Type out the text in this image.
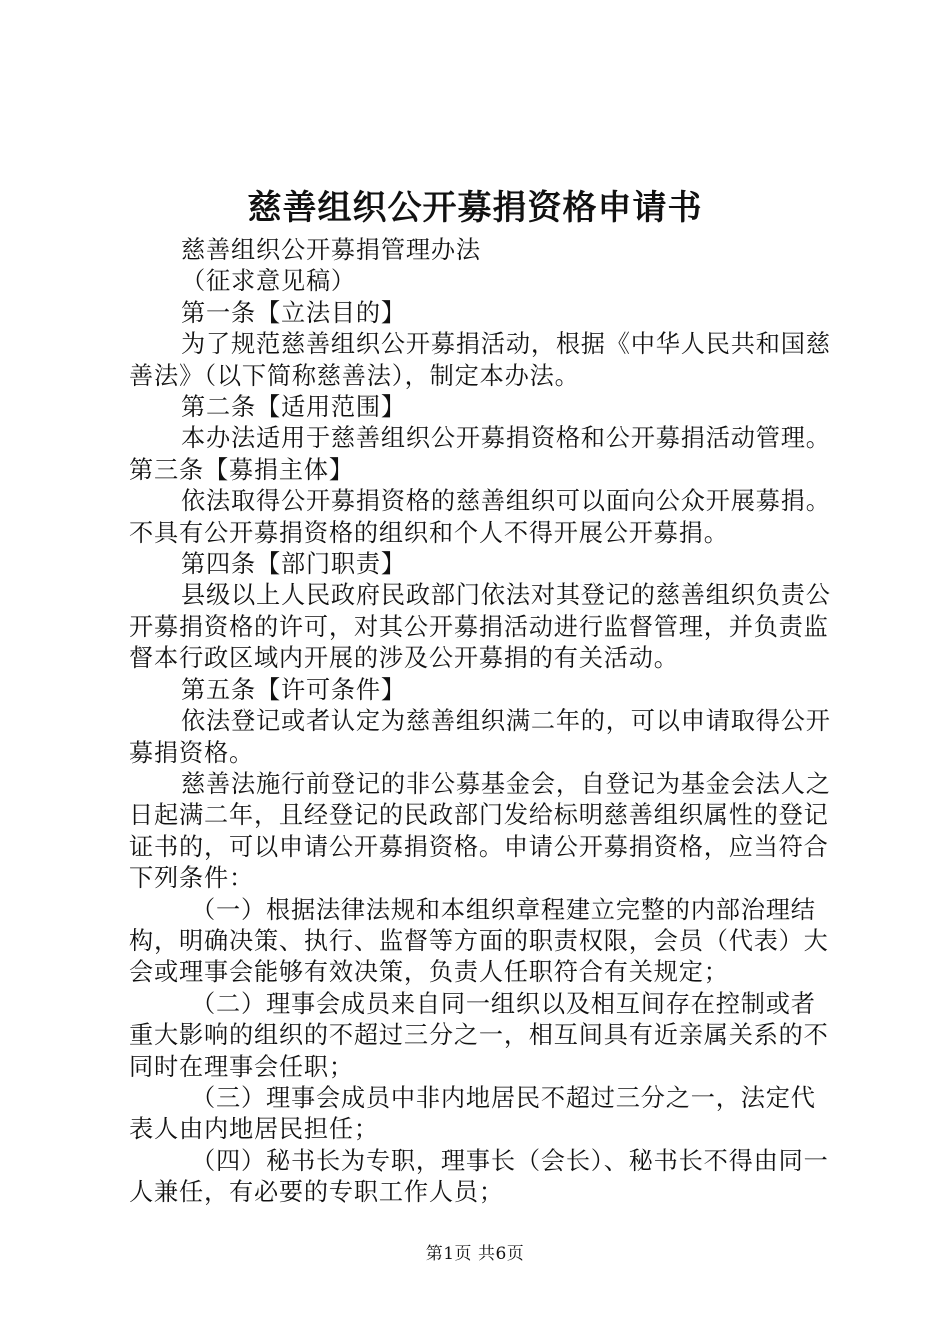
慈善组织公开募捐资格申请书

慈善组织公开募捐管理办法

（征求意见稿）

第一条【立法目的】

为了规范慈善组织公开募捐活动，根据《中华人民共和国慈善法》（以下简称慈善法），制定本办法。

第二条【适用范围】

本办法适用于慈善组织公开募捐资格和公开募捐活动管理。第三条【募捐主体】

依法取得公开募捐资格的慈善组织可以面向公众开展募捐。不具有公开募捐资格的组织和个人不得开展公开募捐。

第四条【部门职责】

县级以上人民政府民政部门依法对其登记的慈善组织负责公开募捐资格的许可，对其公开募捐活动进行监督管理，并负责监督本行政区域内开展的涉及公开募捐的有关活动。

第五条【许可条件】

依法登记或者认定为慈善组织满二年的，可以申请取得公开募捐资格。

慈善法施行前登记的非公募基金会，自登记为基金会法人之日起满二年，且经登记的民政部门发给标明慈善组织属性的登记证书的，可以申请公开募捐资格。申请公开募捐资格，应当符合下列条件：

（一）根据法律法规和本组织章程建立完整的内部治理结构，明确决策、执行、监督等方面的职责权限，会员（代表）大会或理事会能够有效决策，负责人任职符合有关规定；

（二）理事会成员来自同一组织以及相互间存在控制或者重大影响的组织的不超过三分之一，相互间具有近亲属关系的不同时在理事会任职；

（三）理事会成员中非内地居民不超过三分之一，法定代表人由内地居民担任；

（四）秘书长为专职，理事长（会长）、秘书长不得由同一人兼任，有必要的专职工作人员；

第1页 共6页
